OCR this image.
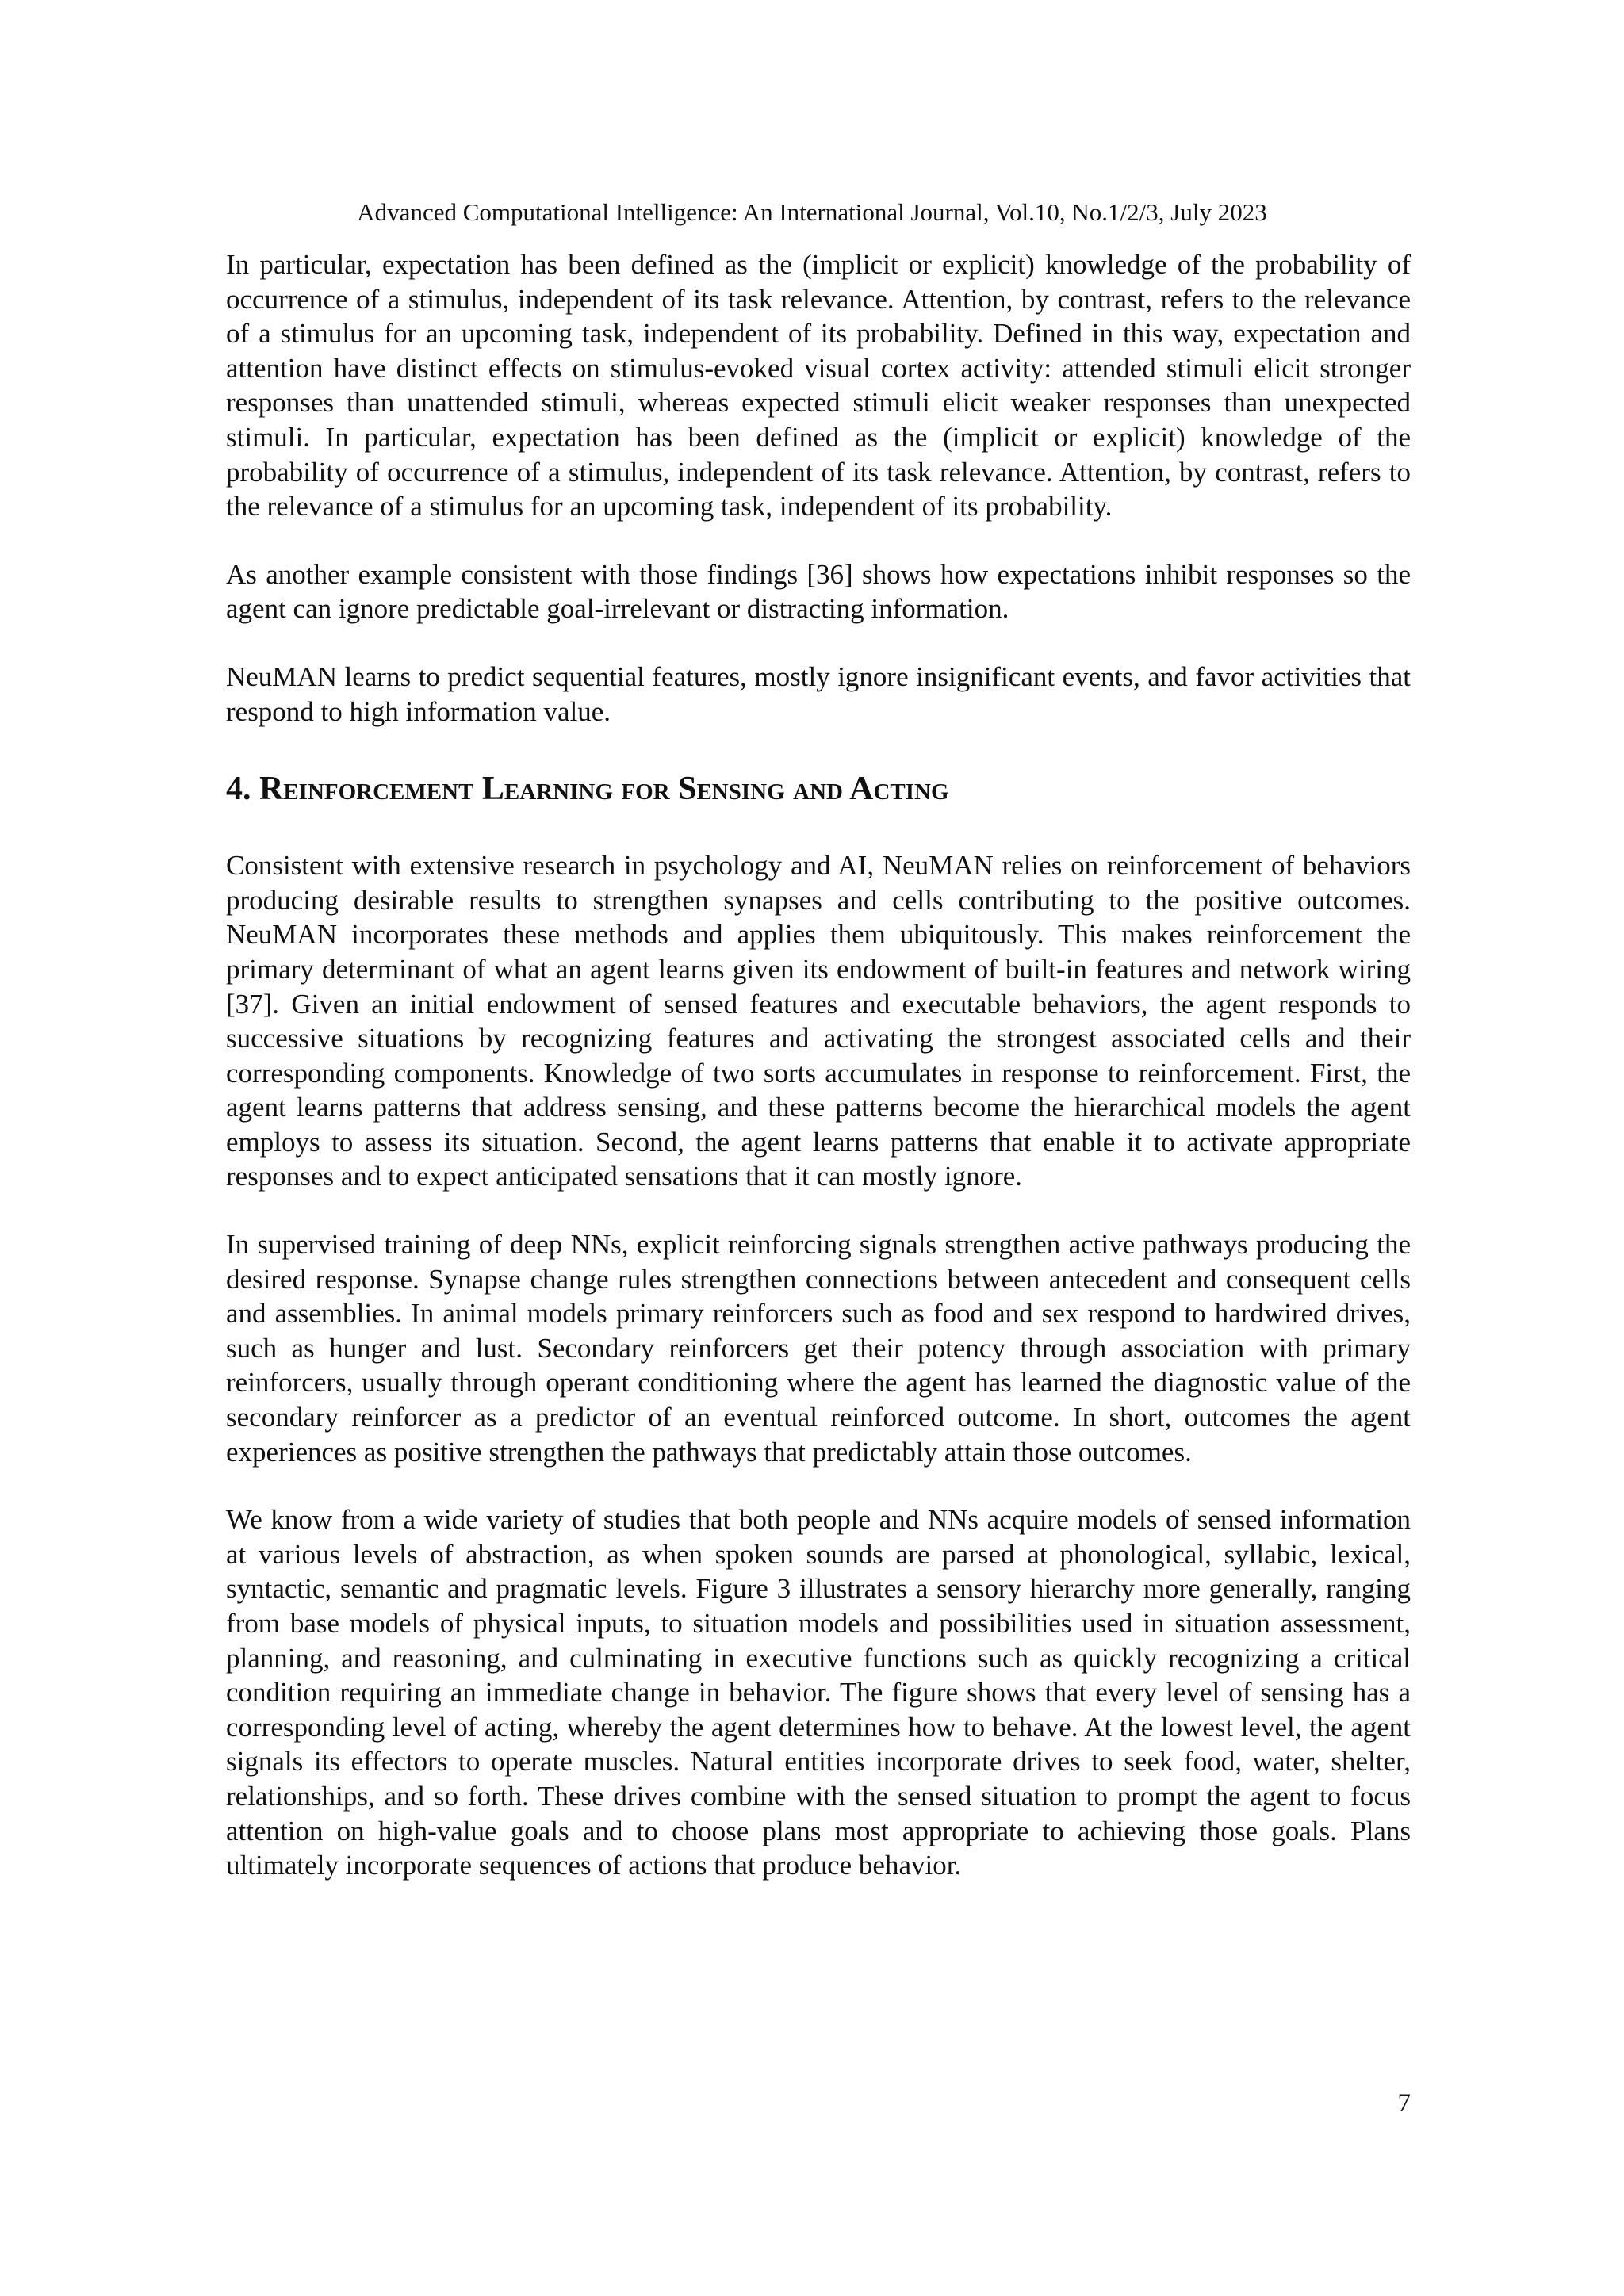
Advanced Computational Intelligence: An International Journal, Vol.10, No.1/2/3, July 2023

In particular, expectation has been defined as the (implicit or explicit) knowledge of the probability of occurrence of a stimulus, independent of its task relevance. Attention, by contrast, refers to the relevance of a stimulus for an upcoming task, independent of its probability. Defined in this way, expectation and attention have distinct effects on stimulus-evoked visual cortex activity: attended stimuli elicit stronger responses than unattended stimuli, whereas expected stimuli elicit weaker responses than unexpected stimuli. In particular, expectation has been defined as the (implicit or explicit) knowledge of the probability of occurrence of a stimulus, independent of its task relevance. Attention, by contrast, refers to the relevance of a stimulus for an upcoming task, independent of its probability.

As another example consistent with those findings [36] shows how expectations inhibit responses so the agent can ignore predictable goal-irrelevant or distracting information.

NeuMAN learns to predict sequential features, mostly ignore insignificant events, and favor activities that respond to high information value.

4. Reinforcement Learning for Sensing and Acting

Consistent with extensive research in psychology and AI, NeuMAN relies on reinforcement of behaviors producing desirable results to strengthen synapses and cells contributing to the positive outcomes. NeuMAN incorporates these methods and applies them ubiquitously. This makes reinforcement the primary determinant of what an agent learns given its endowment of built-in features and network wiring [37]. Given an initial endowment of sensed features and executable behaviors, the agent responds to successive situations by recognizing features and activating the strongest associated cells and their corresponding components. Knowledge of two sorts accumulates in response to reinforcement. First, the agent learns patterns that address sensing, and these patterns become the hierarchical models the agent employs to assess its situation. Second, the agent learns patterns that enable it to activate appropriate responses and to expect anticipated sensations that it can mostly ignore.

In supervised training of deep NNs, explicit reinforcing signals strengthen active pathways producing the desired response. Synapse change rules strengthen connections between antecedent and consequent cells and assemblies. In animal models primary reinforcers such as food and sex respond to hardwired drives, such as hunger and lust. Secondary reinforcers get their potency through association with primary reinforcers, usually through operant conditioning where the agent has learned the diagnostic value of the secondary reinforcer as a predictor of an eventual reinforced outcome. In short, outcomes the agent experiences as positive strengthen the pathways that predictably attain those outcomes.

We know from a wide variety of studies that both people and NNs acquire models of sensed information at various levels of abstraction, as when spoken sounds are parsed at phonological, syllabic, lexical, syntactic, semantic and pragmatic levels. Figure 3 illustrates a sensory hierarchy more generally, ranging from base models of physical inputs, to situation models and possibilities used in situation assessment, planning, and reasoning, and culminating in executive functions such as quickly recognizing a critical condition requiring an immediate change in behavior. The figure shows that every level of sensing has a corresponding level of acting, whereby the agent determines how to behave. At the lowest level, the agent signals its effectors to operate muscles. Natural entities incorporate drives to seek food, water, shelter, relationships, and so forth. These drives combine with the sensed situation to prompt the agent to focus attention on high-value goals and to choose plans most appropriate to achieving those goals. Plans ultimately incorporate sequences of actions that produce behavior.

7
